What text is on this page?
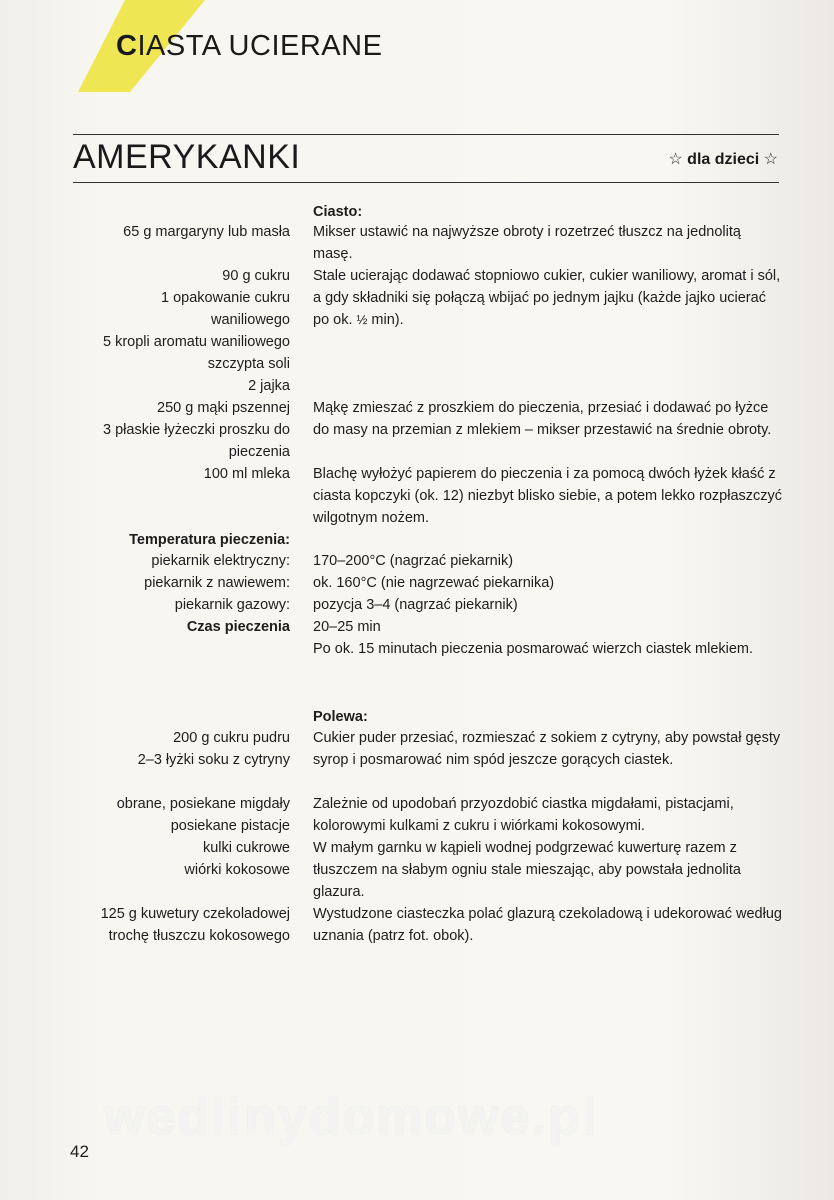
CIASTA UCIERANE
AMERYKANKI	☆ dla dzieci ☆
Ciasto:
65 g margaryny lub masła Mikser ustawić na najwyższe obroty i rozetrzeć tłuszcz na jednolitą masę.
90 g cukru
1 opakowanie cukru
waniliowego
5 kropli aromatu waniliowego
szczypta soli
2 jajka
Stale ucierając dodawać stopniowo cukier, cukier waniliowy, aromat i sól, a gdy składniki się połączą wbijać po jednym jajku (każde jajko ucierać po ok. ½ min).
250 g mąki pszennej
3 płaskie łyżeczki proszku do
pieczenia
100 ml mleka
Mąkę zmieszać z proszkiem do pieczenia, przesiać i dodawać po łyżce do masy na przemian z mlekiem – mikser przestawić na średnie obroty.
Blachę wyłożyć papierem do pieczenia i za pomocą dwóch łyżek kłaść z ciasta kopczyki (ok. 12) niezbyt blisko siebie, a potem lekko rozpłaszczyć wilgotnym nożem.
Temperatura pieczenia:
piekarnik elektryczny:
piekarnik z nawiewem:
piekarnik gazowy:
Czas pieczenia
170–200°C (nagrzać piekarnik)
ok. 160°C (nie nagrzewać piekarnika)
pozycja 3–4 (nagrzać piekarnik)
20–25 min
Po ok. 15 minutach pieczenia posmarować wierzch ciastek mlekiem.
Polewa:
200 g cukru pudru
2–3 łyżki soku z cytryny
Cukier puder przesiać, rozmieszać z sokiem z cytryny, aby powstał gęsty syrop i posmarować nim spód jeszcze gorących ciastek.
obrane, posiekane migdały
posiekane pistacje
kulki cukrowe
wiórki kokosowe
Zależnie od upodobań przyozdobić ciastka migdałami, pistacjami, kolorowymi kulkami z cukru i wiórkami kokosowymi.
W małym garnku w kąpieli wodnej podgrzewać kuwerturę razem z tłuszczem na słabym ogniu stale mieszając, aby powstała jednolita glazura.
125 g kuwetury czekoladowej
trochę tłuszczu kokosowego
Wystudzone ciasteczka polać glazurą czekoladową i udekorować według uznania (patrz fot. obok).
wedlinydomowe.pl
42
